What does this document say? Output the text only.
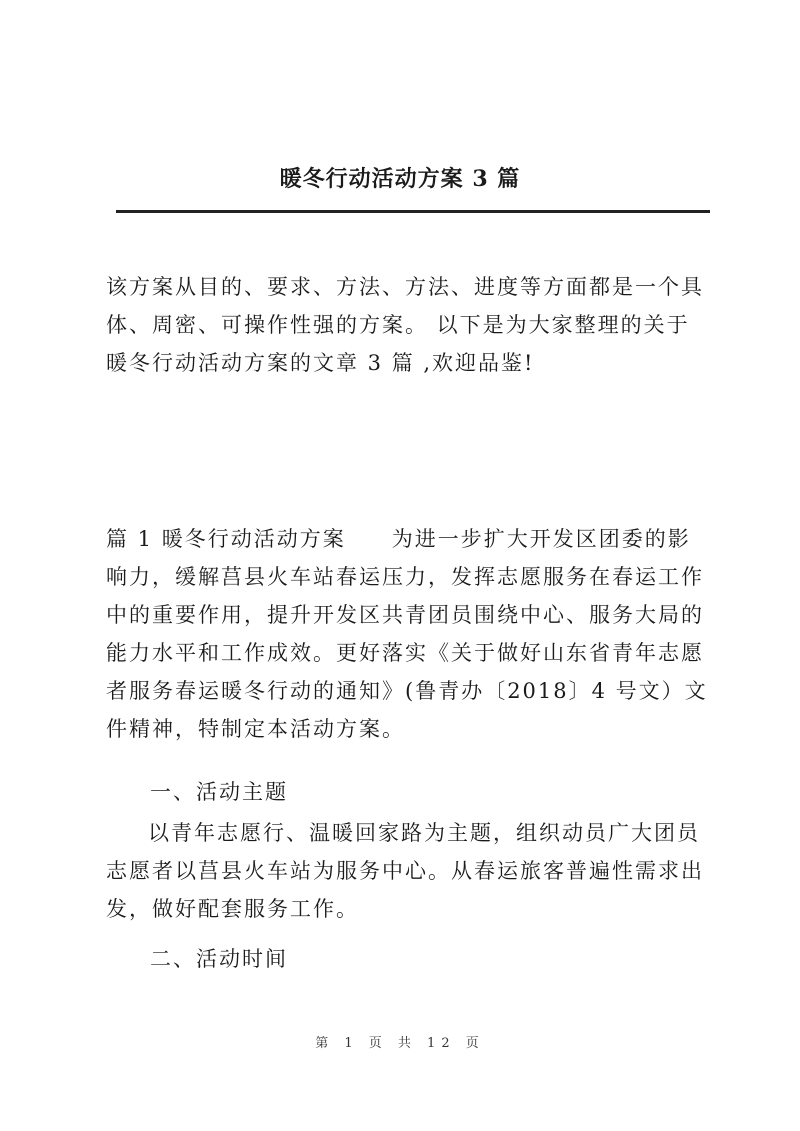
暖冬行动活动方案 3 篇

该方案从目的、要求、方法、方法、进度等方面都是一个具体、周密、可操作性强的方案。 以下是为大家整理的关于暖冬行动活动方案的文章 3 篇 ,欢迎品鉴!

篇 1 暖冬行动活动方案　　为进一步扩大开发区团委的影响力，缓解莒县火车站春运压力，发挥志愿服务在春运工作中的重要作用，提升开发区共青团员围绕中心、服务大局的能力水平和工作成效。更好落实《关于做好山东省青年志愿者服务春运暖冬行动的通知》(鲁青办〔2018〕4 号文）文件精神，特制定本活动方案。

一、活动主题

以青年志愿行、温暖回家路为主题，组织动员广大团员志愿者以莒县火车站为服务中心。从春运旅客普遍性需求出发，做好配套服务工作。

二、活动时间

第 1 页 共 12 页
